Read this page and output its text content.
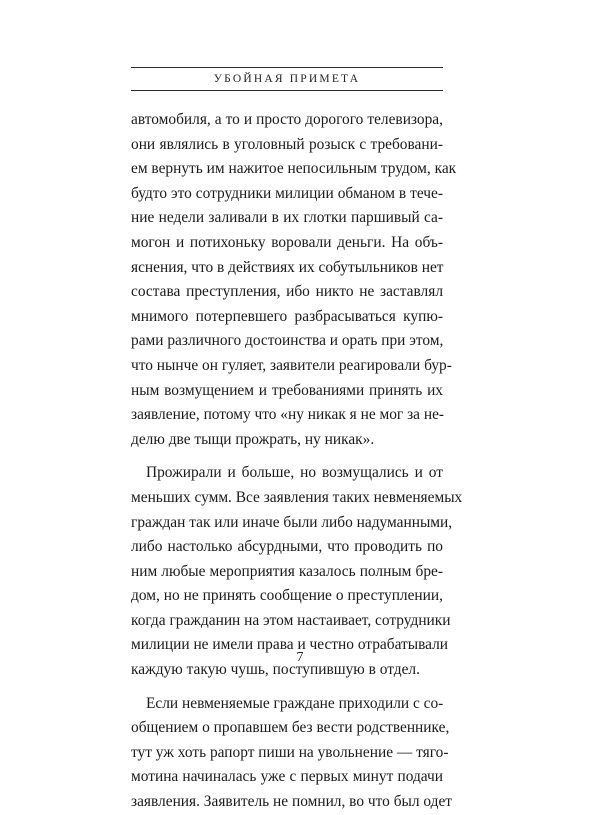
УБОЙНАЯ ПРИМЕТА
автомобиля, а то и просто дорогого телевизора,
они являлись в уголовный розыск с требовани-
ем вернуть им нажитое непосильным трудом, как
будто это сотрудники милиции обманом в тече-
ние недели заливали в их глотки паршивый са-
могон и потихоньку воровали деньги. На объ-
яснения, что в действиях их собутыльников нет
состава преступления, ибо никто не заставлял
мнимого потерпевшего разбрасываться купю-
рами различного достоинства и орать при этом,
что нынче он гуляет, заявители реагировали бур-
ным возмущением и требованиями принять их
заявление, потому что «ну никак я не мог за не-
делю две тыщи прожрать, ну никак».
Прожирали и больше, но возмущались и от
меньших сумм. Все заявления таких невменяемых
граждан так или иначе были либо надуманными,
либо настолько абсурдными, что проводить по
ним любые мероприятия казалось полным бре-
дом, но не принять сообщение о преступлении,
когда гражданин на этом настаивает, сотрудники
милиции не имели права и честно отрабатывали
каждую такую чушь, поступившую в отдел.
Если невменяемые граждане приходили с со-
общением о пропавшем без вести родственнике,
тут уж хоть рапорт пиши на увольнение — тяго-
мотина начиналась уже с первых минут подачи
заявления. Заявитель не помнил, во что был одет
7
